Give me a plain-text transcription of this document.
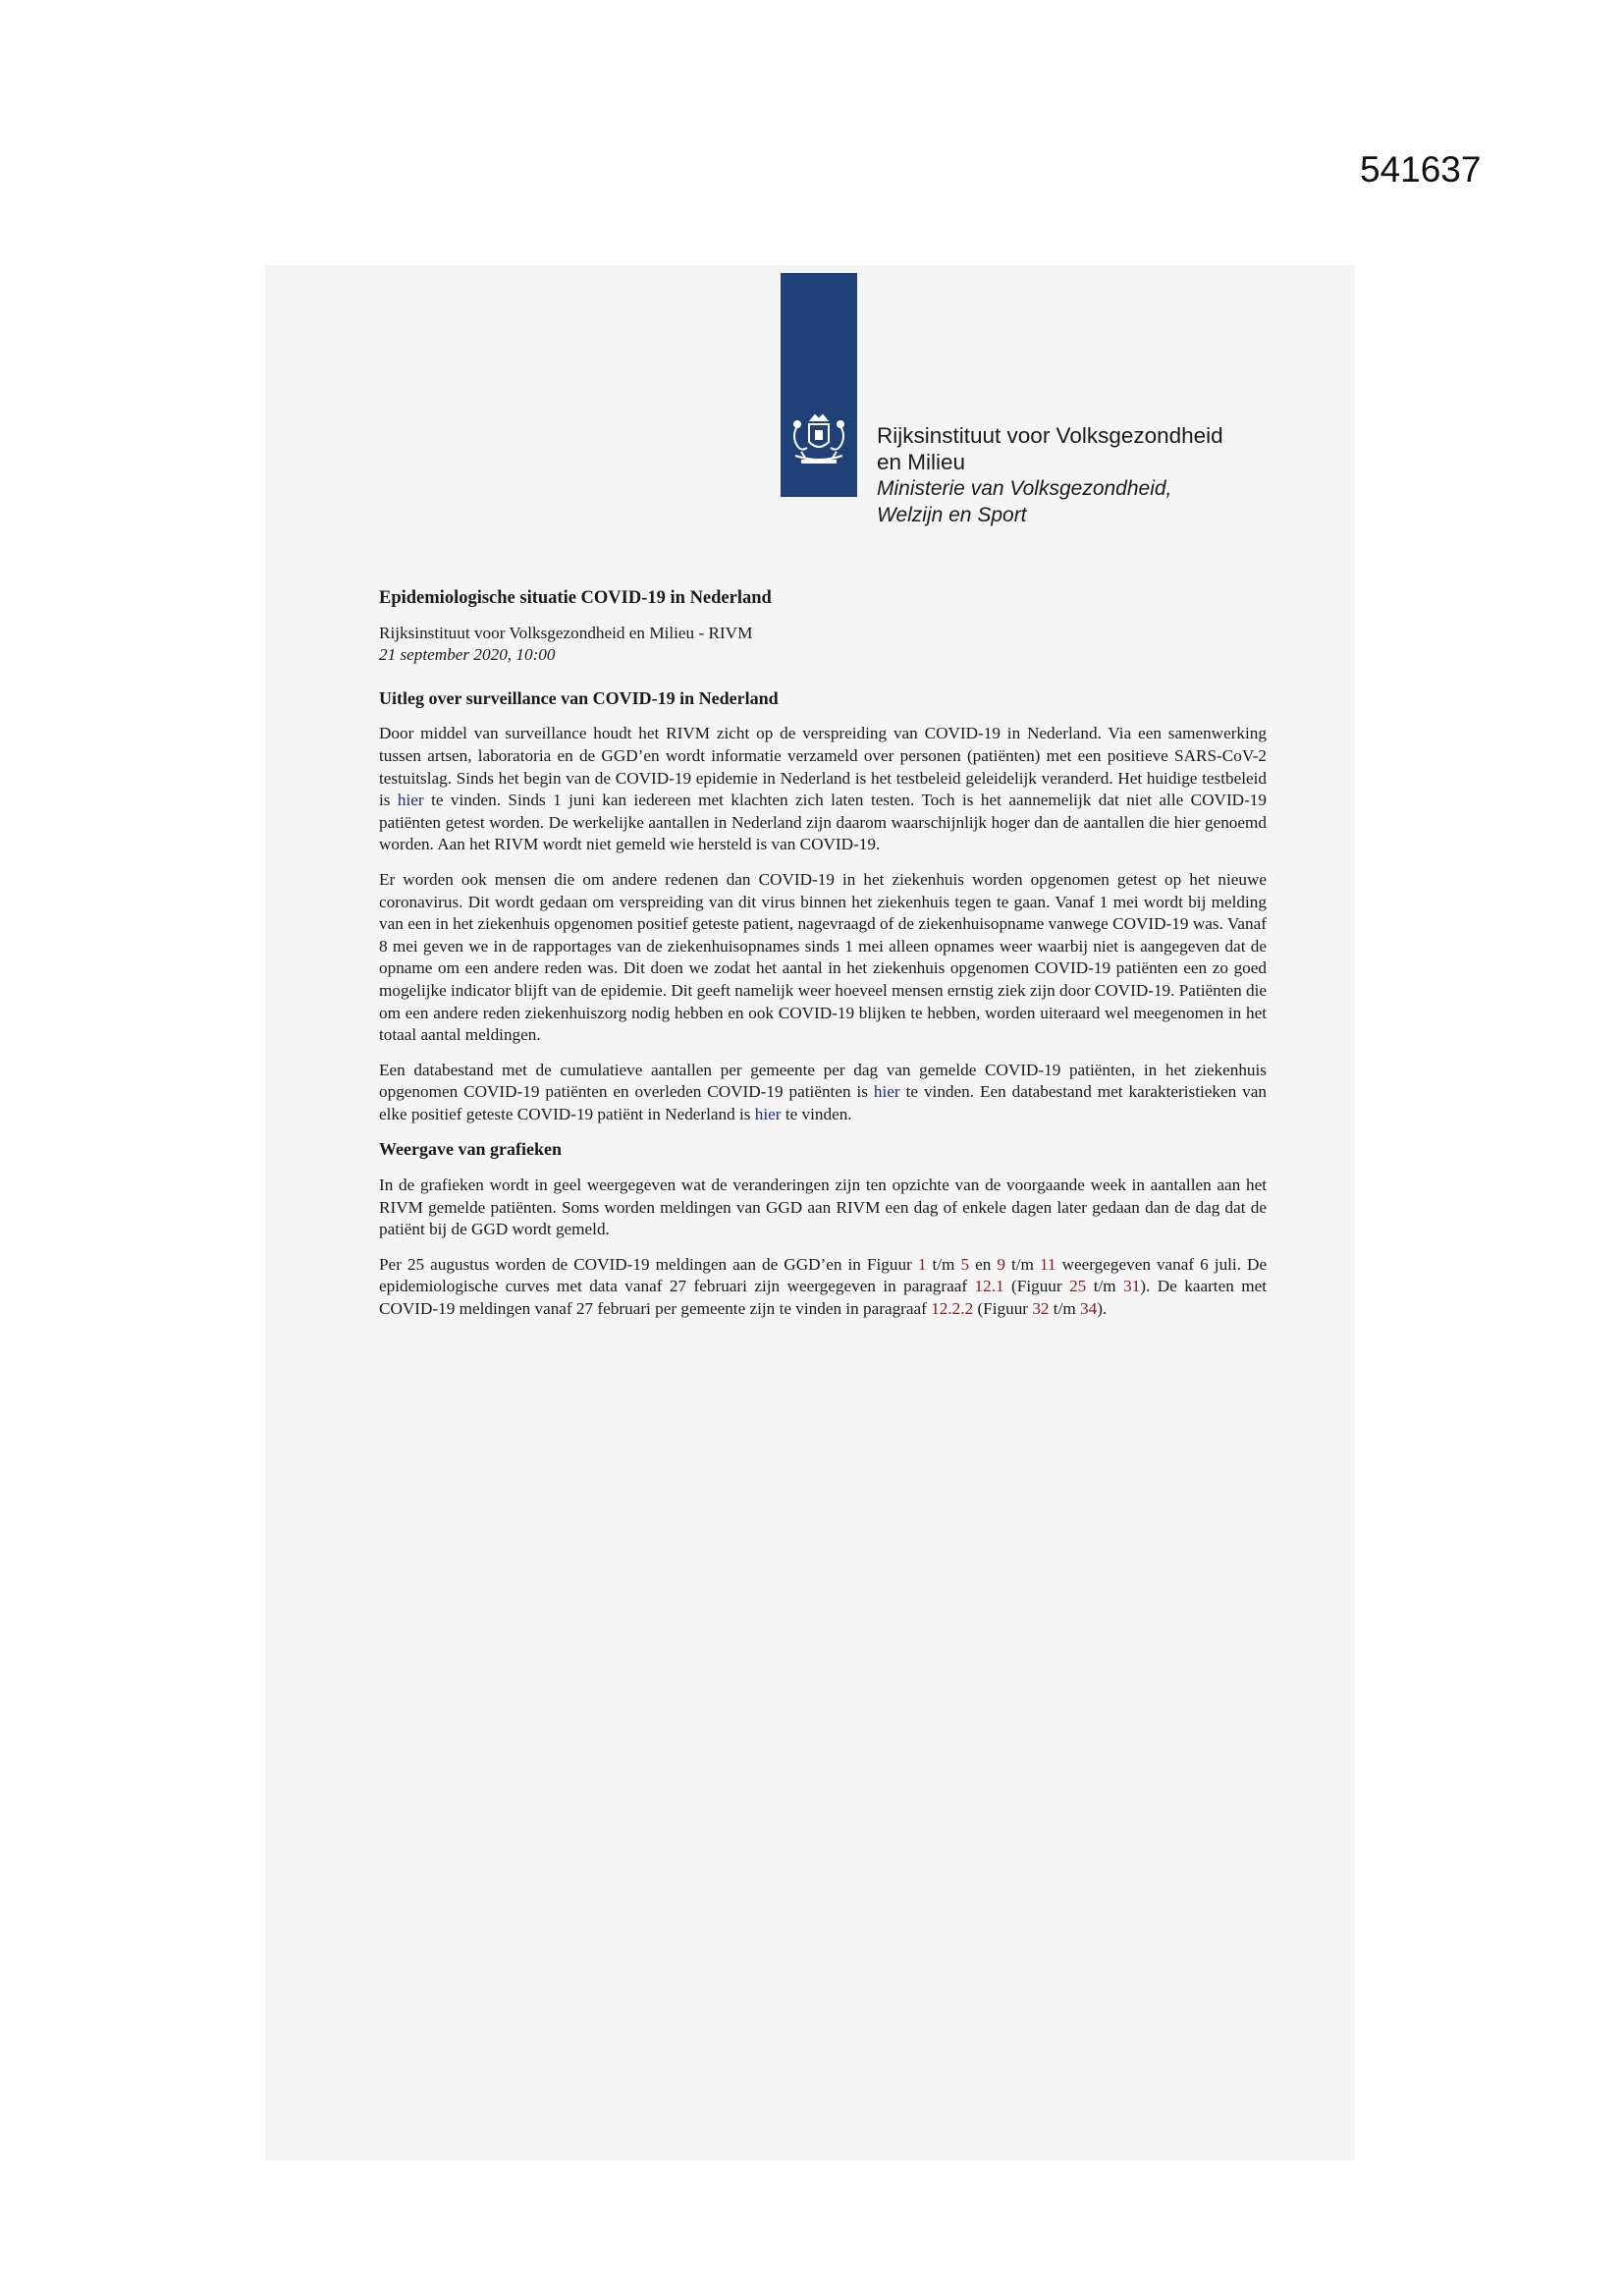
541637
Rijksinstituut voor Volksgezondheid
en Milieu
Ministerie van Volksgezondheid,
Welzijn en Sport
Epidemiologische situatie COVID-19 in Nederland

Rijksinstituut voor Volksgezondheid en Milieu - RIVM

21 september 2020, 10:00

Uitleg over surveillance van COVID-19 in Nederland

Door middel van surveillance houdt het RIVM zicht op de verspreiding van COVID-19 in Nederland. Via een samenwerking tussen artsen, laboratoria en de GGD’en wordt informatie verzameld over personen (patiënten) met een positieve SARS-CoV-2 testuitslag. Sinds het begin van de COVID-19 epidemie in Nederland is het testbeleid geleidelijk veranderd. Het huidige testbeleid is hier te vinden. Sinds 1 juni kan iedereen met klachten zich laten testen. Toch is het aannemelijk dat niet alle COVID-19 patiënten getest worden. De werkelijke aantallen in Nederland zijn daarom waarschijnlijk hoger dan de aantallen die hier genoemd worden. Aan het RIVM wordt niet gemeld wie hersteld is van COVID-19.

Er worden ook mensen die om andere redenen dan COVID-19 in het ziekenhuis worden opgenomen getest op het nieuwe coronavirus. Dit wordt gedaan om verspreiding van dit virus binnen het ziekenhuis tegen te gaan. Vanaf 1 mei wordt bij melding van een in het ziekenhuis opgenomen positief geteste patient, nagevraagd of de ziekenhuisopname vanwege COVID-19 was. Vanaf 8 mei geven we in de rapportages van de ziekenhuisopnames sinds 1 mei alleen opnames weer waarbij niet is aangegeven dat de opname om een andere reden was. Dit doen we zodat het aantal in het ziekenhuis opgenomen COVID-19 patiënten een zo goed mogelijke indicator blijft van de epidemie. Dit geeft namelijk weer hoeveel mensen ernstig ziek zijn door COVID-19. Patiënten die om een andere reden ziekenhuiszorg nodig hebben en ook COVID-19 blijken te hebben, worden uiteraard wel meegenomen in het totaal aantal meldingen.

Een databestand met de cumulatieve aantallen per gemeente per dag van gemelde COVID-19 patiënten, in het ziekenhuis opgenomen COVID-19 patiënten en overleden COVID-19 patiënten is hier te vinden. Een databestand met karakteristieken van elke positief geteste COVID-19 patiënt in Nederland is hier te vinden.

Weergave van grafieken

In de grafieken wordt in geel weergegeven wat de veranderingen zijn ten opzichte van de voorgaande week in aantallen aan het RIVM gemelde patiënten. Soms worden meldingen van GGD aan RIVM een dag of enkele dagen later gedaan dan de dag dat de patiënt bij de GGD wordt gemeld.

Per 25 augustus worden de COVID-19 meldingen aan de GGD’en in Figuur 1 t/m 5 en 9 t/m 11 weergegeven vanaf 6 juli. De epidemiologische curves met data vanaf 27 februari zijn weergegeven in paragraaf 12.1 (Figuur 25 t/m 31). De kaarten met COVID-19 meldingen vanaf 27 februari per gemeente zijn te vinden in paragraaf 12.2.2 (Figuur 32 t/m 34).
